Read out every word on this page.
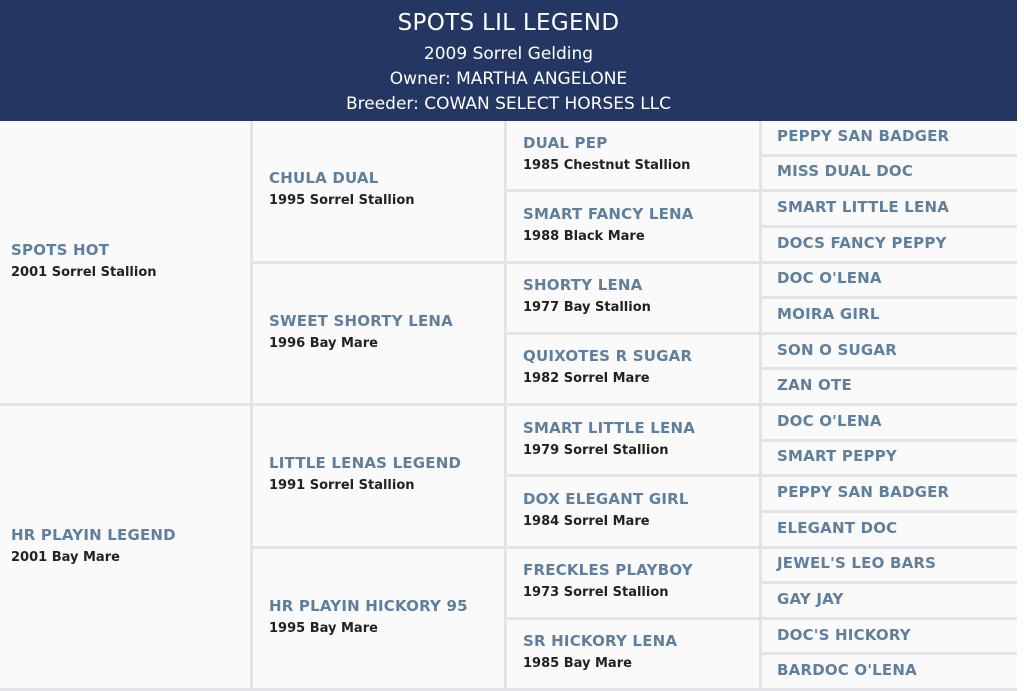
SPOTS LIL LEGEND
2009 Sorrel Gelding
Owner: MARTHA ANGELONE
Breeder: COWAN SELECT HORSES LLC
SPOTS HOT
2001 Sorrel Stallion
HR PLAYIN LEGEND
2001 Bay Mare
CHULA DUAL
1995 Sorrel Stallion
SWEET SHORTY LENA
1996 Bay Mare
LITTLE LENAS LEGEND
1991 Sorrel Stallion
HR PLAYIN HICKORY 95
1995 Bay Mare
DUAL PEP
1985 Chestnut Stallion
SMART FANCY LENA
1988 Black Mare
SHORTY LENA
1977 Bay Stallion
QUIXOTES R SUGAR
1982 Sorrel Mare
SMART LITTLE LENA
1979 Sorrel Stallion
DOX ELEGANT GIRL
1984 Sorrel Mare
FRECKLES PLAYBOY
1973 Sorrel Stallion
SR HICKORY LENA
1985 Bay Mare
PEPPY SAN BADGER
MISS DUAL DOC
SMART LITTLE LENA
DOCS FANCY PEPPY
DOC O'LENA
MOIRA GIRL
SON O SUGAR
ZAN OTE
DOC O'LENA
SMART PEPPY
PEPPY SAN BADGER
ELEGANT DOC
JEWEL'S LEO BARS
GAY JAY
DOC'S HICKORY
BARDOC O'LENA
